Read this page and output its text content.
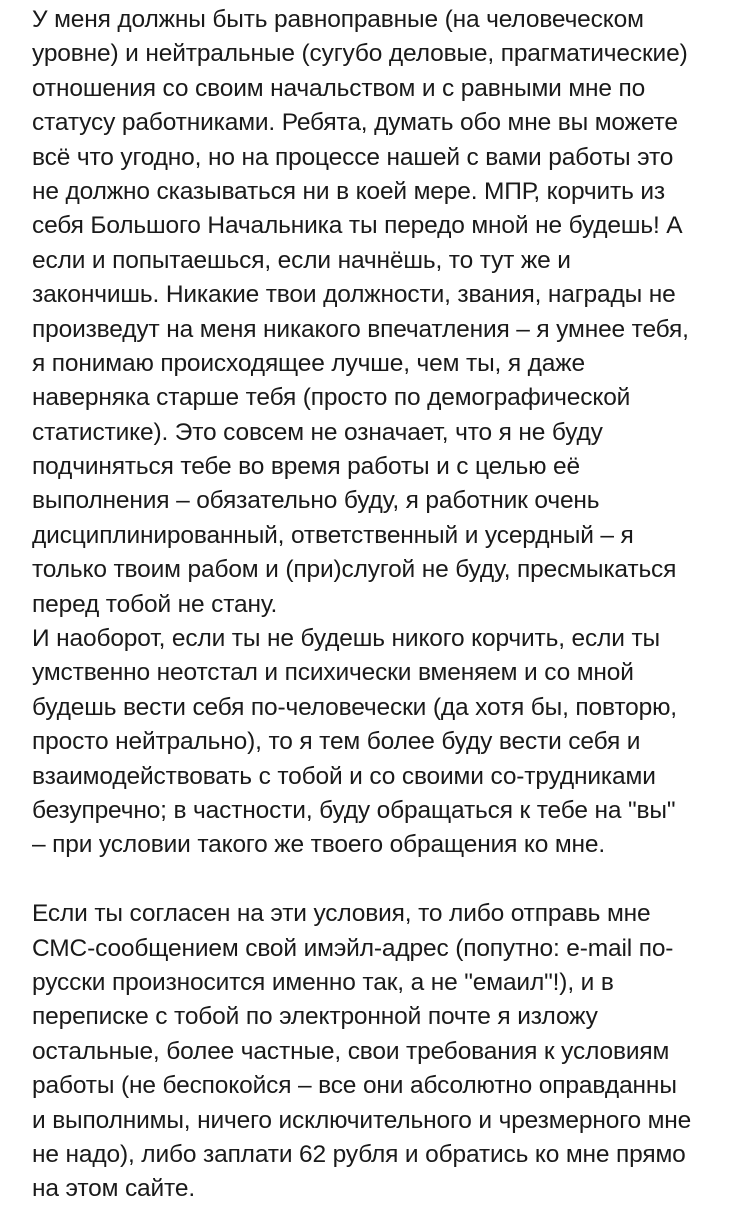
У меня должны быть равноправные (на человеческом
уровне) и нейтральные (сугубо деловые, прагматические)
отношения со своим начальством и с равными мне по
статусу работниками. Ребята, думать обо мне вы можете
всё что угодно, но на процессе нашей с вами работы это
не должно сказываться ни в коей мере. МПР, корчить из
себя Большого Начальника ты передо мной не будешь! А
если и попытаешься, если начнёшь, то тут же и
закончишь. Никакие твои должности, звания, награды не
произведут на меня никакого впечатления – я умнее тебя,
я понимаю происходящее лучше, чем ты, я даже
наверняка старше тебя (просто по демографической
статистике). Это совсем не означает, что я не буду
подчиняться тебе во время работы и с целью её
выполнения – обязательно буду, я работник очень
дисциплинированный, ответственный и усердный – я
только твоим рабом и (при)слугой не буду, пресмыкаться
перед тобой не стану.
И наоборот, если ты не будешь никого корчить, если ты
умственно неотстал и психически вменяем и со мной
будешь вести себя по-человечески (да хотя бы, повторю,
просто нейтрально), то я тем более буду вести себя и
взаимодействовать с тобой и со своими со-трудниками
безупречно; в частности, буду обращаться к тебе на "вы"
– при условии такого же твоего обращения ко мне.
Если ты согласен на эти условия, то либо отправь мне
СМС-сообщением свой имэйл-адрес (попутно: e-mail по-
русски произносится именно так, а не "емаил"!), и в
переписке с тобой по электронной почте я изложу
остальные, более частные, свои требования к условиям
работы (не беспокойся – все они абсолютно оправданны
и выполнимы, ничего исключительного и чрезмерного мне
не надо), либо заплати 62 рубля и обратись ко мне прямо
на этом сайте.
